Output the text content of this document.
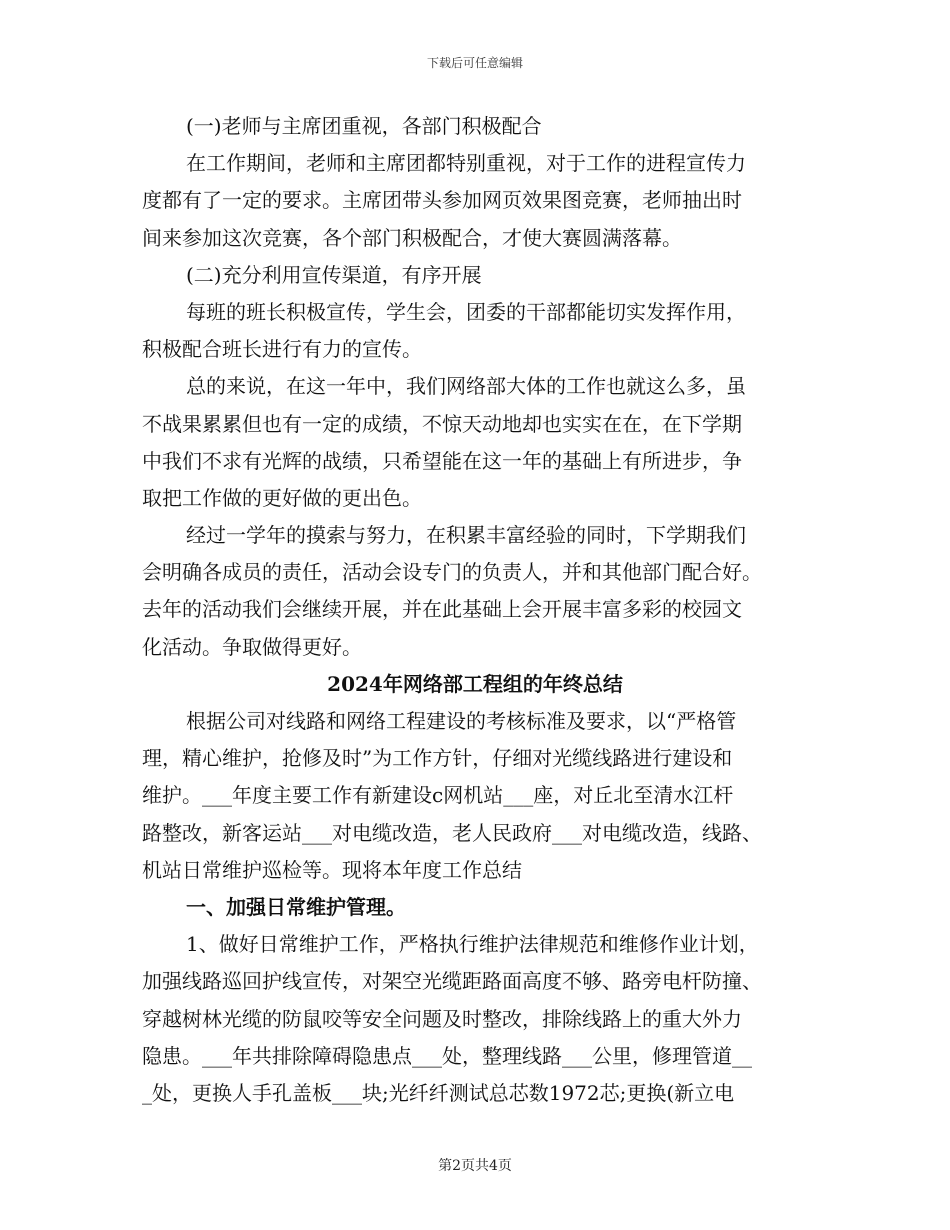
下载后可任意编辑
(一)老师与主席团重视，各部门积极配合
在工作期间，老师和主席团都特别重视，对于工作的进程宣传力
度都有了一定的要求。主席团带头参加网页效果图竞赛，老师抽出时
间来参加这次竞赛，各个部门积极配合，才使大赛圆满落幕。
(二)充分利用宣传渠道，有序开展
每班的班长积极宣传，学生会，团委的干部都能切实发挥作用，
积极配合班长进行有力的宣传。
总的来说，在这一年中，我们网络部大体的工作也就这么多，虽
不战果累累但也有一定的成绩，不惊天动地却也实实在在，在下学期
中我们不求有光辉的战绩，只希望能在这一年的基础上有所进步，争
取把工作做的更好做的更出色。
经过一学年的摸索与努力，在积累丰富经验的同时，下学期我们
会明确各成员的责任，活动会设专门的负责人，并和其他部门配合好。
去年的活动我们会继续开展，并在此基础上会开展丰富多彩的校园文
化活动。争取做得更好。
2024年网络部工程组的年终总结
根据公司对线路和网络工程建设的考核标准及要求，以“严格管
理，精心维护，抢修及时”为工作方针，仔细对光缆线路进行建设和
维护。___年度主要工作有新建设c网机站___座，对丘北至清水江杆
路整改，新客运站___对电缆改造，老人民政府___对电缆改造，线路、
机站日常维护巡检等。现将本年度工作总结
一、加强日常维护管理。
1、做好日常维护工作，严格执行维护法律规范和维修作业计划，
加强线路巡回护线宣传，对架空光缆距路面高度不够、路旁电杆防撞、
穿越树林光缆的防鼠咬等安全问题及时整改，排除线路上的重大外力
隐患。___年共排除障碍隐患点___处，整理线路___公里，修理管道__
_处，更换人手孔盖板___块;光纤纤测试总芯数1972芯;更换(新立电
第2页共4页
